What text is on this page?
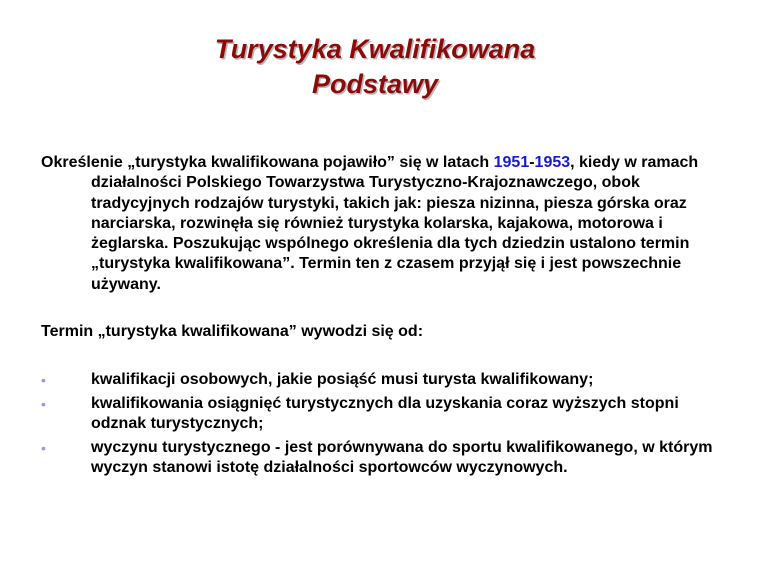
Turystyka Kwalifikowana
Podstawy

Określenie „turystyka kwalifikowana pojawiło” się w latach 1951-1953, kiedy w ramach działalności Polskiego Towarzystwa Turystyczno-Krajoznawczego, obok tradycyjnych rodzajów turystyki, takich jak: piesza nizinna, piesza górska oraz narciarska, rozwinęła się również turystyka kolarska, kajakowa, motorowa i żeglarska. Poszukując wspólnego określenia dla tych dziedzin ustalono termin „turystyka kwalifikowana”. Termin ten z czasem przyjął się i jest powszechnie używany.

Termin „turystyka kwalifikowana” wywodzi się od:

•	kwalifikacji osobowych, jakie posiąść musi turysta kwalifikowany;
•	kwalifikowania osiągnięć turystycznych dla uzyskania coraz wyższych stopni odznak turystycznych;
•	wyczynu turystycznego - jest porównywana do sportu kwalifikowanego, w którym wyczyn stanowi istotę działalności sportowców wyczynowych.
